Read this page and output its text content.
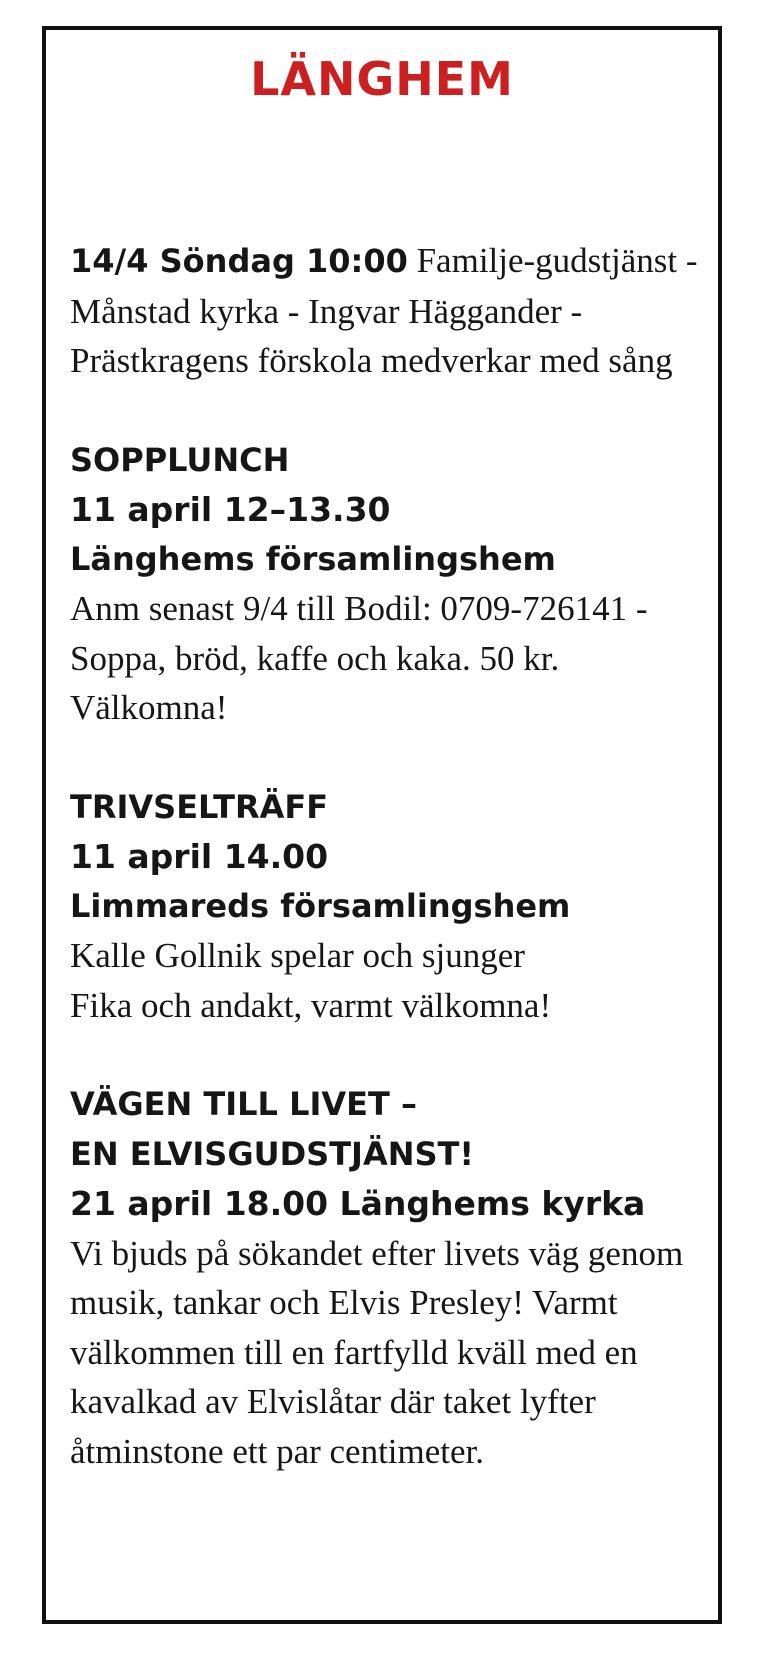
LÄNGHEM

14/4 Söndag 10:00 Familje-gudstjänst - Månstad kyrka - Ingvar Häggander - Prästkragens förskola medverkar med sång

SOPPLUNCH
11 april 12–13.30
Länghems församlingshem
Anm senast 9/4 till Bodil: 0709-726141 - Soppa, bröd, kaffe och kaka. 50 kr. Välkomna!
TRIVSELTRÄFF
11 april 14.00
Limmareds församlingshem
Kalle Gollnik spelar och sjunger
Fika och andakt, varmt välkomna!
VÄGEN TILL LIVET –
EN ELVISGUDSTJÄNST!
21 april 18.00 Länghems kyrka
Vi bjuds på sökandet efter livets väg genom musik, tankar och Elvis Presley! Varmt välkommen till en fartfylld kväll med en kavalkad av Elvislåtar där taket lyfter åtminstone ett par centimeter.
